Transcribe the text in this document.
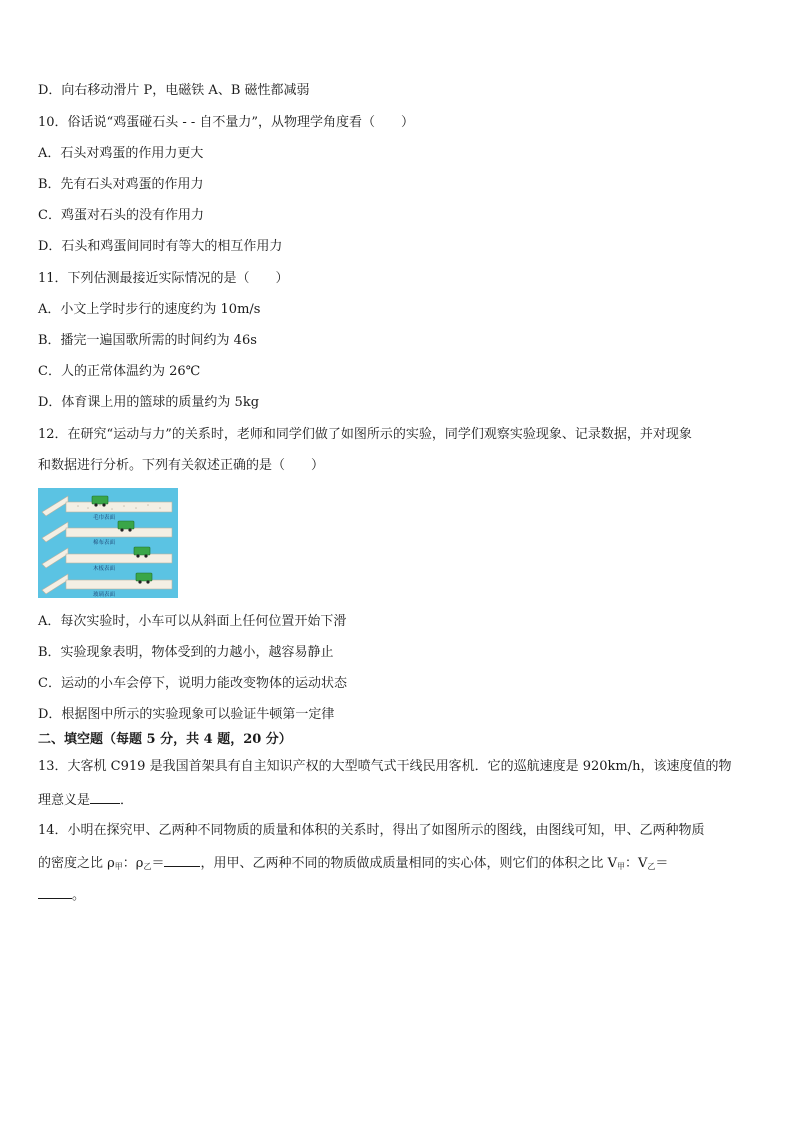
D．向右移动滑片 P，电磁铁 A、B 磁性都减弱
10．俗话说“鸡蛋碰石头 - - 自不量力”，从物理学角度看（　　）
A．石头对鸡蛋的作用力更大
B．先有石头对鸡蛋的作用力
C．鸡蛋对石头的没有作用力
D．石头和鸡蛋间同时有等大的相互作用力
11．下列估测最接近实际情况的是（　　）
A．小文上学时步行的速度约为 10m/s
B．播完一遍国歌所需的时间约为 46s
C．人的正常体温约为 26℃
D．体育课上用的篮球的质量约为 5kg
12．在研究“运动与力”的关系时，老师和同学们做了如图所示的实验，同学们观察实验现象、记录数据，并对现象
和数据进行分析。下列有关叙述正确的是（　　）
毛巾表面
棉布表面
木板表面
玻璃表面
A．每次实验时，小车可以从斜面上任何位置开始下滑
B．实验现象表明，物体受到的力越小，越容易静止
C．运动的小车会停下，说明力能改变物体的运动状态
D．根据图中所示的实验现象可以验证牛顿第一定律
二、填空题（每题 5 分，共 4 题，20 分）
13．大客机 C919 是我国首架具有自主知识产权的大型喷气式干线民用客机．它的巡航速度是 920km/h，该速度值的物
理意义是 ．
14．小明在探究甲、乙两种不同物质的质量和体积的关系时，得出了如图所示的图线，由图线可知，甲、乙两种物质
的密度之比 $\rho_甲$：$\rho_乙=$	，用甲、乙两种不同的物质做成质量相同的实心体，则它们的体积之比 $V_甲$：$V_乙=$
。
